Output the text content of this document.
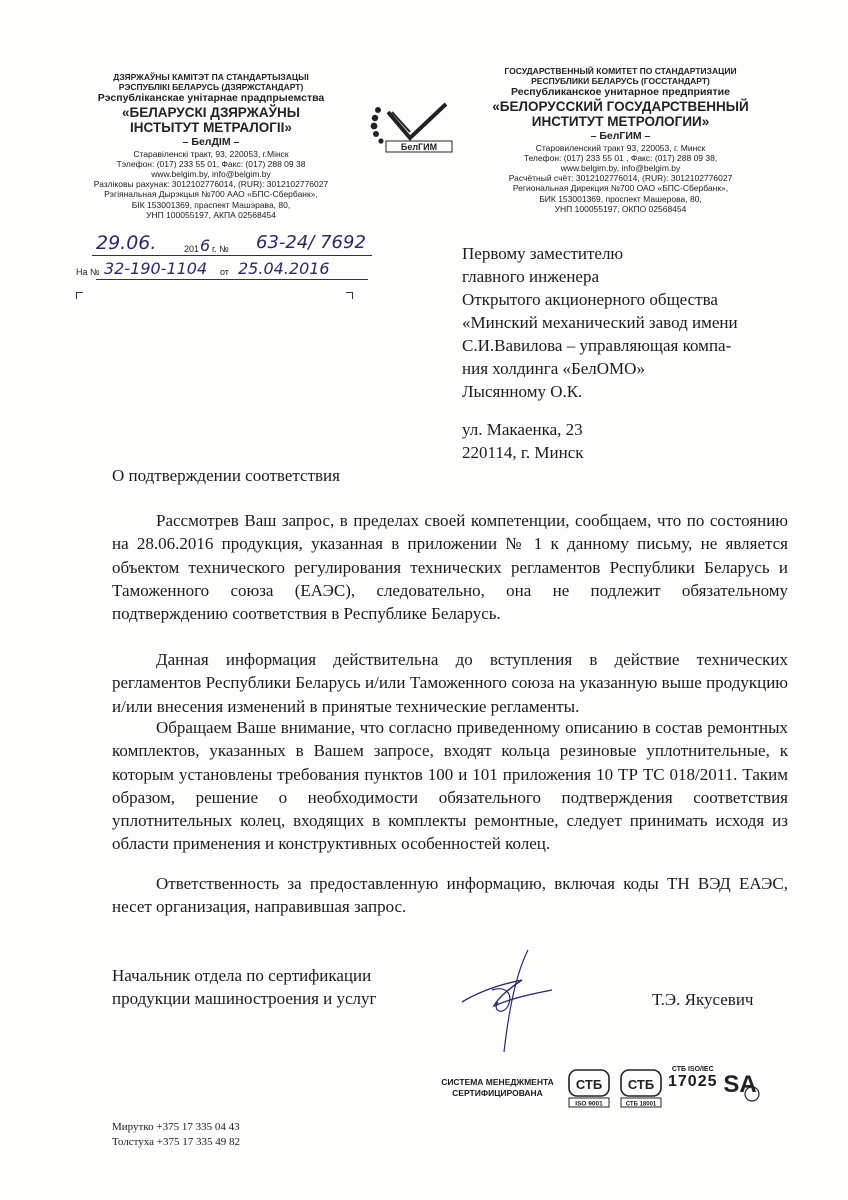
ДЗЯРЖАЎНЫ КАМІТЭТ ПА СТАНДАРТЫЗАЦЫІ РЭСПУБЛІКІ БЕЛАРУСЬ (ДЗЯРЖСТАНДАРТ)
Рэспубліканскае унітарнае прадпрыемства
«БЕЛАРУСКІ ДЗЯРЖАЎНЫ
ІНСТЫТУТ МЕТРАЛОГІІ»
– БелДІМ –
Старавіленскі тракт, 93, 220053, г.Мінск
Тэлефон: (017) 233 55 01, Факс: (017) 288 09 38
www.belgim.by, info@belgim.by
Разліковы рахунак: 3012102776014, (RUR): 3012102776027
Рэгіянальная Дырэкцыя №700 ААО «БПС-Сбербанк»,
БІК 153001369, праспект Машэрава, 80,
УНП 100055197, АКПА 02568454
БелГИМ
ГОСУДАРСТВЕННЫЙ КОМИТЕТ ПО СТАНДАРТИЗАЦИИ
РЕСПУБЛИКИ БЕЛАРУСЬ (ГОССТАНДАРТ)
Республиканское унитарное предприятие
«БЕЛОРУССКИЙ ГОСУДАРСТВЕННЫЙ
ИНСТИТУТ МЕТРОЛОГИИ»
– БелГИМ –
Старовиленский тракт 93, 220053, г. Минск
Телефон: (017) 233 55 01 , Факс: (017) 288 09 38,
www.belgim.by, info@belgim.by
Расчётный счёт: 3012102776014, (RUR): 3012102776027
Региональная Дирекция №700 ОАО «БПС-Сбербанк»,
БИК 153001369, проспект Машерова, 80,
УНП 100055197, ОКПО 02568454
29.06.	201 6 г. № 63-24/ 7692
На № 32-190-1104 от 25.04.2016
Первому заместителю
главного инженера
Открытого акционерного общества
«Минский механический завод имени
С.И.Вавилова – управляющая компа-
ния холдинга «БелОМО»
Лысянному О.К.
ул. Макаенка, 23
220114, г. Минск
О подтверждении соответствия

Рассмотрев Ваш запрос, в пределах своей компетенции, сообщаем, что по состоянию на 28.06.2016 продукция, указанная в приложении № 1 к данному письму, не является объектом технического регулирования технических регламентов Республики Беларусь и Таможенного союза (ЕАЭС), следовательно, она не подлежит обязательному подтверждению соответствия в Республике Беларусь.

Данная информация действительна до вступления в действие технических регламентов Республики Беларусь и/или Таможенного союза на указанную выше продукцию и/или внесения изменений в принятые технические регламенты.

Обращаем Ваше внимание, что согласно приведенному описанию в состав ремонтных комплектов, указанных в Вашем запросе, входят кольца резиновые уплотнительные, к которым установлены требования пунктов 100 и 101 приложения 10 ТР ТС 018/2011. Таким образом, решение о необходимости обязательного подтверждения соответствия уплотнительных колец, входящих в комплекты ремонтные, следует принимать исходя из области применения и конструктивных особенностей колец.

Ответственность за предоставленную информацию, включая коды ТН ВЭД ЕАЭС, несет организация, направившая запрос.

Начальник отдела по сертификации
продукции машиностроения и услуг	Т.Э. Якусевич
СИСТЕМА МЕНЕДЖМЕНТА
СЕРТИФИЦИРОВАНА
СТБ
ISO 9001
СТБ
СТБ 18001
СТБ ISO/IEC
17025 SA
Мирутко +375 17 335 04 43
Толстуха +375 17 335 49 82
